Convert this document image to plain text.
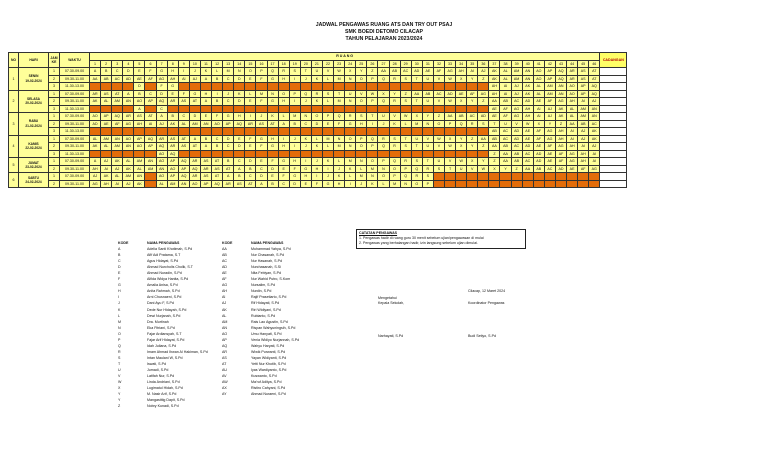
JADWAL PENGAWAS RUANG ATS DAN TRY OUT PSAJ
SMK BOEDI DETOMO CILACAP
TAHUN PELAJARAN 2023/2024
NO	HARI	JAM KE	WAKTU	R U A N G																																														CADANGAN
				1	2	3	4	5	6	7	8	9	10	11	12	13	14	15	16	17	18	19	20	21	22	23	24	25	26	27	28	29	30	31	32	33	34	35	36	37	38	39	40	41	42	43	44	45	46	
1	SENIN
19-02-2024	1	07.30-09.00	A	B	C	D	E	F	G	H	I	J	K	L	M	N	O	P	Q	R	S	T	U	V	W	X	Y	Z	AA	AB	AC	AD	AE	AF	AG	AH	AI	AJ	AK	AL	AM	AN	AO	AP	AQ	AR	AS	AT	
		2	09.30-11.00	AA	AB	AC	AD	AE	AF	AG	AH	AI	AJ	A	B	C	D	E	F	G	H	I	J	K	L	M	N	O	P	Q	R	S	T	U	V	W	X	Y	Z	AK	AL	AM	AN	AO	AP	AQ	AR	AS	AT	
		3	11.30-13.00					D		F	G																													AH	AI	AJ	AK	AL	AM	AN	AO	AP	AQ	
2	SELASA
20-02-2024	1	07.30-09.00	AR	AS	AT	A	B	C	D	E	F	G	H	I	J	K	L	M	N	O	P	Q	R	S	T	U	V	W	X	Y	Z	AA	AB	AC	AD	AE	AF	AG	AH	AI	AJ	AK	AL	AM	AN	AO	AP	AQ	
		2	09.30-11.00	AK	AL	AM	AN	AO	AP	AQ	AR	AS	AT	A	B	C	D	E	F	G	H	I	J	K	L	M	N	O	P	Q	R	S	T	U	V	W	X	Y	Z	AA	AB	AC	AD	AE	AF	AG	AH	AI	AJ	
		3	11.30-13.00					A		C																														AE	AF	AG	AH	AI	AJ	AK	AL	AM	AN	
3	RABU
21-02-2024	1	07.30-09.00	AO	AP	AQ	AR	AS	AT	A	B	C	D	E	F	G	H	I	J	K	L	M	N	O	P	Q	R	S	T	U	V	W	X	Y	Z	AA	AB	AC	AD	AE	AF	AG	AH	AI	AJ	AK	AL	AM	AN	
		2	09.30-11.00	AD	AE	AF	AG	AH	AI	AJ	AK	AL	AM	AN	AO	AP	AQ	AR	AS	AT	A	B	C	D	E	F	G	H	I	J	K	L	M	N	O	P	Q	R	S	T	U	V	W	X	Y	Z	AA	AB	AC	
		3	11.30-13.00																																					AB	AC	AD	AE	AF	AG	AH	AI	AJ	AK	
4	KAMIS
22-02-2024	1	07.30-09.00	AL	AM	AN	AO	AP	AQ	AR	AS	AT	A	B	C	D	E	F	G	H	I	J	K	L	M	N	O	P	Q	R	S	T	U	V	W	X	Y	Z	AA	AB	AC	AD	AE	AF	AG	AH	AI	AJ	AK	
		2	09.30-11.00	AK	AL	AM	AN	AO	AP	AQ	AR	AS	AT	A	B	C	D	E	F	G	H	I	J	K	L	M	N	O	P	Q	R	S	T	U	V	W	X	Y	Z	AA	AB	AC	AD	AE	AF	AG	AH	AI	AJ	
		3	11.30-13.00							AO	AQ																													Z	AA	AB	AC	AD	AE	AF	AG	AH	AI	
5	JUMAT
23-02-2024	1	07.30-09.00	A	AJ	AK	AL	AM	AN	AO	AP	AQ	AR	AS	AT	B	C	D	E	F	G	H	I	J	K	L	M	N	O	P	Q	R	S	T	U	V	W	X	Y	Z	AA	AB	AC	AD	AE	AF	AG	AH	AI	
		2	09.30-11.00	AH	AI	AJ	AK	AL	AM	AN	AO	AP	AQ	AR	AS	AT	A	B	C	D	E	F	G	H	I	J	K	L	M	N	O	P	Q	R	S	T	U	V	W	X	Y	Z	AA	AB	AC	AD	AE	AF	AG	
6	SABTU
24-02-2024	1	07.30-09.00	AJ	AK	AL	AM	AN		AO	AP	AQ	AR	AS	AT	A	B	C	D	E	F	G	H	I	J	K	L	M	N	O	P	Q	R	S																
		2	09.30-11.00	AG	AH	AI	AJ	AK		AL	AM	AN	AO	AP	AQ	AR	AS	AT	A	B	C	D	E	F	G	H	I	J	K	L	M	N	O	P																
KODE	NAMA PENGAWAS
A	Adelia Santi Khotimah, S.Pd
B	Afif Adi Pratama, S.T
C	Agus Hidayat, S.Pd
D	Ahmad Nurcholis Cholik, S.T
E	Ahmad Nuradin, S.Pd
F	Alfida Widya Hanita, S.Pd
G	Amalia Anisa, S.Pd
H	Anita Rahmah, S.Pd
I	Arni Chusnaeni, S.Pd
J	Dani Ayu F, S.Pd
K	Dede Nur Hidayah, S.Pd
L	Dewi Nurjanah, S.Pd
M	Dra. Murtinah
N	Eka Fitriani, S.Pd
O	Fajar Ardiansyah, S.T
P	Fajar Arif Hidayat, S.Pd
Q	Idah Juliana, S.Pd
R	Imam Ahmad Ihwan Al Hakiman, S.Pd
S	Intan Maulani W, S.Pd
T	Iswati, S.Pd
U	Jumadi, S.Pd
V	Latifah Nur, S.Pd
W	Linda Andriani, S.Pd
X	Lugimatul Hidah, S.Pd
Y	M. Nasir Arif, S.Pd
Y	Mangastitig Dapit, S.Pd
Z	Nobry Kunadi, S.Pd
KODE	NAMA PENGAWAS
AA	Muhammad Yahya, S.Pd
AB	Nur Chasanah, S.Pd
AC	Nur Hasanah, S.Pd
AD	Nurchasanah, S.Si
AE	Nita Febiyan, S.Pd
AF	Nur Wahid Putro, S.Kom
AG	Nursalim, S.Pd
AH	Nurdin, S.Pd
AI	Rajif Prasetiarto, S.Pd
AJ	Rif Hidayati, S.Pd
AK	Riri Widiyani, S.Pd
AL	Rubianto, S.Pd
AM	Rais Lao Agustin, S.Pd
AN	Rispan Wahyuningsih, S.Pd
AO	Umu Hanyati, S.Pd
AP	Venia Widiyo Nurjannah, S.Pd
AQ	Wahyu Haryati, S.Pd
AR	Wiwik Purwanti, S.Pd
AS	Yayan Widiyanti, S.Pd
AT	Yetti Nur Khotib, S.Pd
AU	Iyas Wardiyanto, S.Pd
AV	Kuswanto, S.Pd
AW	Ma'ruf Aditya, S.Pd
AX	Ristiro Cahyani, S.Pd
AY	Ahmad Nuraeni, S.Pd
CATATAN PENGAWAS
1. Pengawas hadir di ruang guru 30 menit sebelum ujian/pengawasan di mulai
2. Pengawas yang berhalangan hadir, izin langsung sebelum ujian dimulai.
Cilacap, 12 Maret 2024
Mengetahui
Kepala Sekolah,	Koordinator Pengawas
Narhayati, S.Pd	Budi Setiyo, S.Pd
